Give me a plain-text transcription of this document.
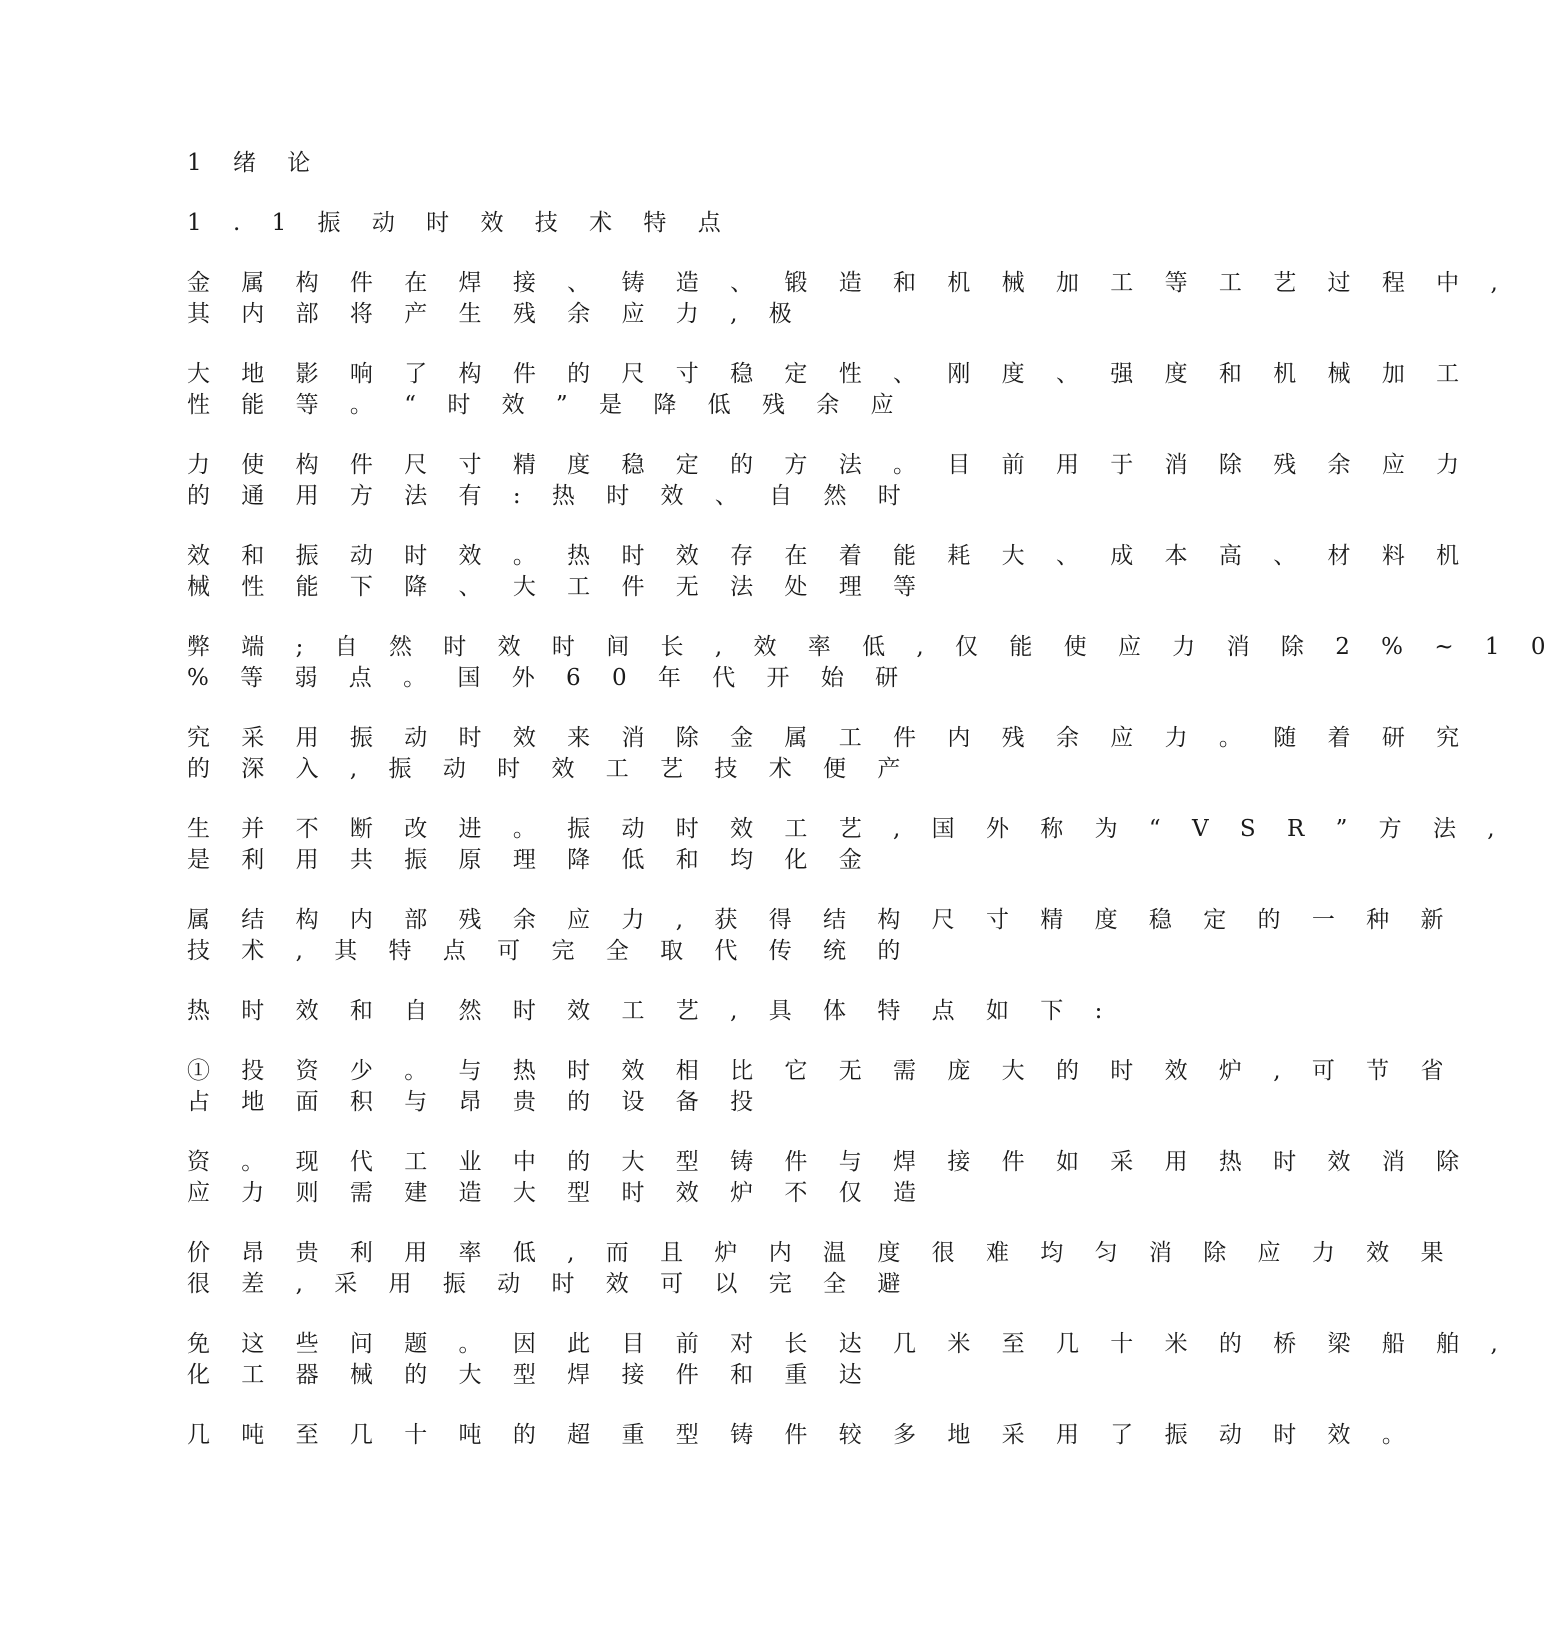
1 绪 论
1 . 1 振 动 时 效 技 术 特 点
金 属 构 件 在 焊 接 、 铸 造 、 锻 造 和 机 械 加 工 等 工 艺 过 程 中 ,
其 内 部 将 产 生 残 余 应 力 , 极
大 地 影 响 了 构 件 的 尺 寸 稳 定 性 、 刚 度 、 强 度 和 机 械 加 工
性 能 等 。 “ 时 效 ” 是 降 低 残 余 应
力 使 构 件 尺 寸 精 度 稳 定 的 方 法 。 目 前 用 于 消 除 残 余 应 力
的 通 用 方 法 有 : 热 时 效 、 自 然 时
效 和 振 动 时 效 。 热 时 效 存 在 着 能 耗 大 、 成 本 高 、 材 料 机
械 性 能 下 降 、 大 工 件 无 法 处 理 等
弊 端 ; 自 然 时 效 时 间 长 , 效 率 低 , 仅 能 使 应 力 消 除 2 % ~ 1 0
% 等 弱 点 。 国 外 6 0 年 代 开 始 研
究 采 用 振 动 时 效 来 消 除 金 属 工 件 内 残 余 应 力 。 随 着 研 究
的 深 入 , 振 动 时 效 工 艺 技 术 便 产
生 并 不 断 改 进 。 振 动 时 效 工 艺 , 国 外 称 为 “ V S R ” 方 法 ,
是 利 用 共 振 原 理 降 低 和 均 化 金
属 结 构 内 部 残 余 应 力 , 获 得 结 构 尺 寸 精 度 稳 定 的 一 种 新
技 术 , 其 特 点 可 完 全 取 代 传 统 的
热 时 效 和 自 然 时 效 工 艺 , 具 体 特 点 如 下 :
① 投 资 少 。 与 热 时 效 相 比 它 无 需 庞 大 的 时 效 炉 , 可 节 省
占 地 面 积 与 昂 贵 的 设 备 投
资 。 现 代 工 业 中 的 大 型 铸 件 与 焊 接 件 如 采 用 热 时 效 消 除
应 力 则 需 建 造 大 型 时 效 炉 不 仅 造
价 昂 贵 利 用 率 低 , 而 且 炉 内 温 度 很 难 均 匀 消 除 应 力 效 果
很 差 , 采 用 振 动 时 效 可 以 完 全 避
免 这 些 问 题 。 因 此 目 前 对 长 达 几 米 至 几 十 米 的 桥 梁 船 舶 ,
化 工 器 械 的 大 型 焊 接 件 和 重 达
几 吨 至 几 十 吨 的 超 重 型 铸 件 较 多 地 采 用 了 振 动 时 效 。
